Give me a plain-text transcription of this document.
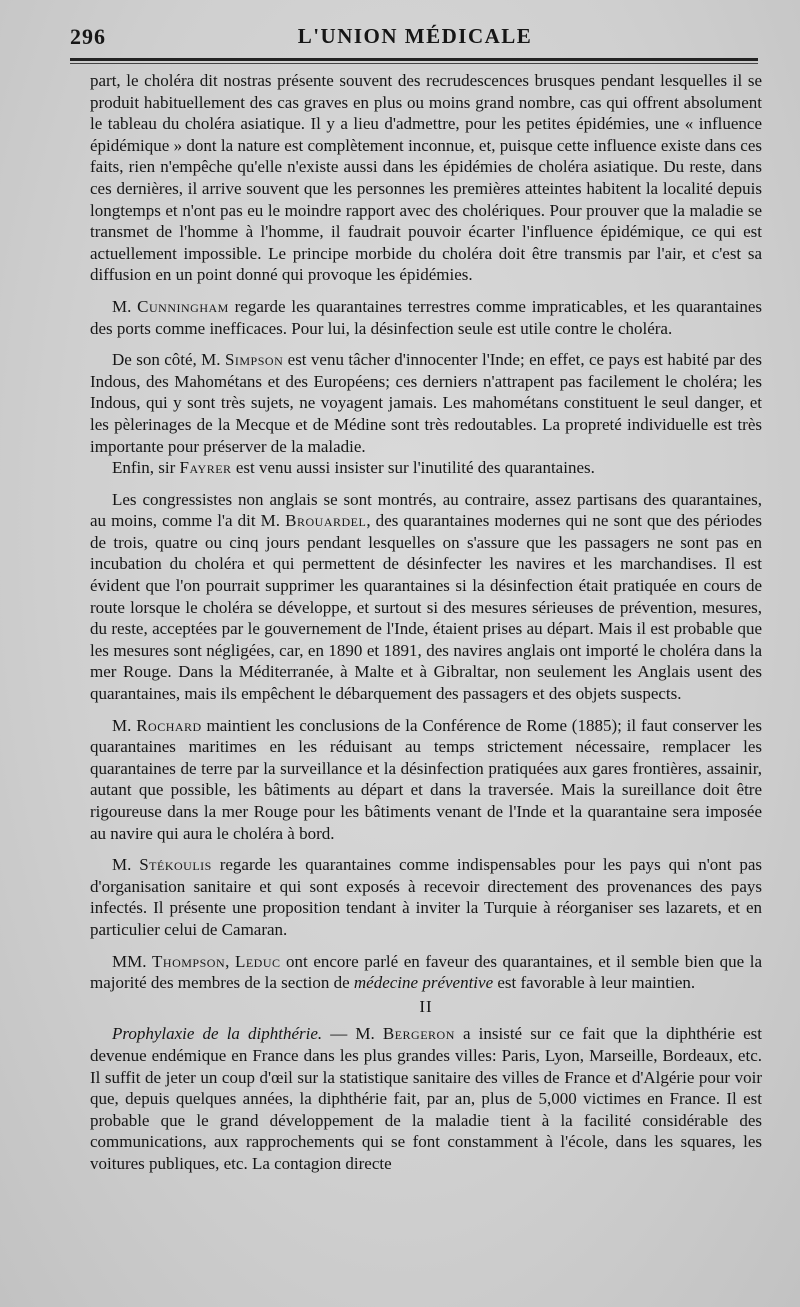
296	L'UNION MÉDICALE

part, le choléra dit nostras présente souvent des recrudescences brusques pendant lesquelles il se produit habituellement des cas graves en plus ou moins grand nombre, cas qui offrent absolument le tableau du choléra asiatique. Il y a lieu d'admettre, pour les petites épidémies, une « influence épidémique » dont la nature est complètement inconnue, et, puisque cette influence existe dans ces faits, rien n'empêche qu'elle n'existe aussi dans les épidémies de choléra asiatique. Du reste, dans ces dernières, il arrive souvent que les personnes les premières atteintes habitent la localité depuis longtemps et n'ont pas eu le moindre rapport avec des cholériques. Pour prouver que la maladie se transmet de l'homme à l'homme, il faudrait pouvoir écarter l'influence épidémique, ce qui est actuellement impossible. Le principe morbide du choléra doit être transmis par l'air, et c'est sa diffusion en un point donné qui provoque les épidémies.

M. Cunningham regarde les quarantaines terrestres comme impraticables, et les quarantaines des ports comme inefficaces. Pour lui, la désinfection seule est utile contre le choléra.

De son côté, M. Simpson est venu tâcher d'innocenter l'Inde; en effet, ce pays est habité par des Indous, des Mahométans et des Européens; ces derniers n'attrapent pas facilement le choléra; les Indous, qui y sont très sujets, ne voyagent jamais. Les mahométans constituent le seul danger, et les pèlerinages de la Mecque et de Médine sont très redoutables. La propreté individuelle est très importante pour préserver de la maladie.

Enfin, sir Fayrer est venu aussi insister sur l'inutilité des quarantaines.

Les congressistes non anglais se sont montrés, au contraire, assez partisans des quarantaines, au moins, comme l'a dit M. Brouardel, des quarantaines modernes qui ne sont que des périodes de trois, quatre ou cinq jours pendant lesquelles on s'assure que les passagers ne sont pas en incubation du choléra et qui permettent de désinfecter les navires et les marchandises. Il est évident que l'on pourrait supprimer les quarantaines si la désinfection était pratiquée en cours de route lorsque le choléra se développe, et surtout si des mesures sérieuses de prévention, mesures, du reste, acceptées par le gouvernement de l'Inde, étaient prises au départ. Mais il est probable que les mesures sont négligées, car, en 1890 et 1891, des navires anglais ont importé le choléra dans la mer Rouge. Dans la Méditerranée, à Malte et à Gibraltar, non seulement les Anglais usent des quarantaines, mais ils empêchent le débarquement des passagers et des objets suspects.

M. Rochard maintient les conclusions de la Conférence de Rome (1885); il faut conserver les quarantaines maritimes en les réduisant au temps strictement nécessaire, remplacer les quarantaines de terre par la surveillance et la désinfection pratiquées aux gares frontières, assainir, autant que possible, les bâtiments au départ et dans la traversée. Mais la sureillance doit être rigoureuse dans la mer Rouge pour les bâtiments venant de l'Inde et la quarantaine sera imposée au navire qui aura le choléra à bord.

M. Stékoulis regarde les quarantaines comme indispensables pour les pays qui n'ont pas d'organisation sanitaire et qui sont exposés à recevoir directement des provenances des pays infectés. Il présente une proposition tendant à inviter la Turquie à réorganiser ses lazarets, et en particulier celui de Camaran.

MM. Thompson, Leduc ont encore parlé en faveur des quarantaines, et il semble bien que la majorité des membres de la section de médecine préventive est favorable à leur maintien.

II

Prophylaxie de la diphthérie. — M. Bergeron a insisté sur ce fait que la diphthérie est devenue endémique en France dans les plus grandes villes: Paris, Lyon, Marseille, Bordeaux, etc. Il suffit de jeter un coup d'œil sur la statistique sanitaire des villes de France et d'Algérie pour voir que, depuis quelques années, la diphthérie fait, par an, plus de 5,000 victimes en France. Il est probable que le grand développement de la maladie tient à la facilité considérable des communications, aux rapprochements qui se font constamment à l'école, dans les squares, les voitures publiques, etc. La contagion directe
